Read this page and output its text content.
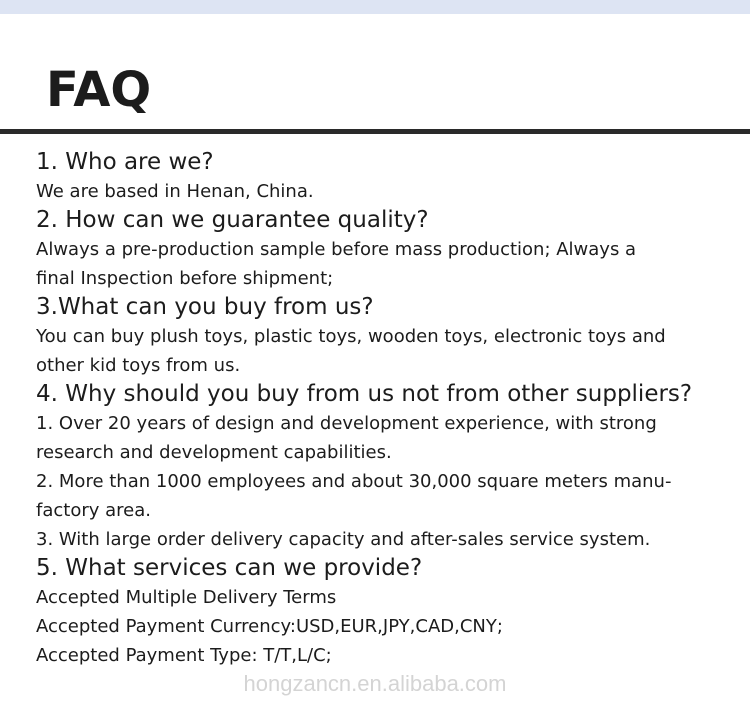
FAQ
1. Who are we?
We are based in Henan, China.
2. How can we guarantee quality?
Always a pre-production sample before mass production; Always a
final Inspection before shipment;
3.What can you buy from us?
You can buy plush toys, plastic toys, wooden toys, electronic toys and
other kid toys from us.
4. Why should you buy from us not from other suppliers?
1. Over 20 years of design and development experience, with strong
research and development capabilities.
2. More than 1000 employees and about 30,000 square meters manu-
factory area.
3. With large order delivery capacity and after-sales service system.
5. What services can we provide?
Accepted Multiple Delivery Terms
Accepted Payment Currency:USD,EUR,JPY,CAD,CNY;
Accepted Payment Type: T/T,L/C;
hongzancn.en.alibaba.com
